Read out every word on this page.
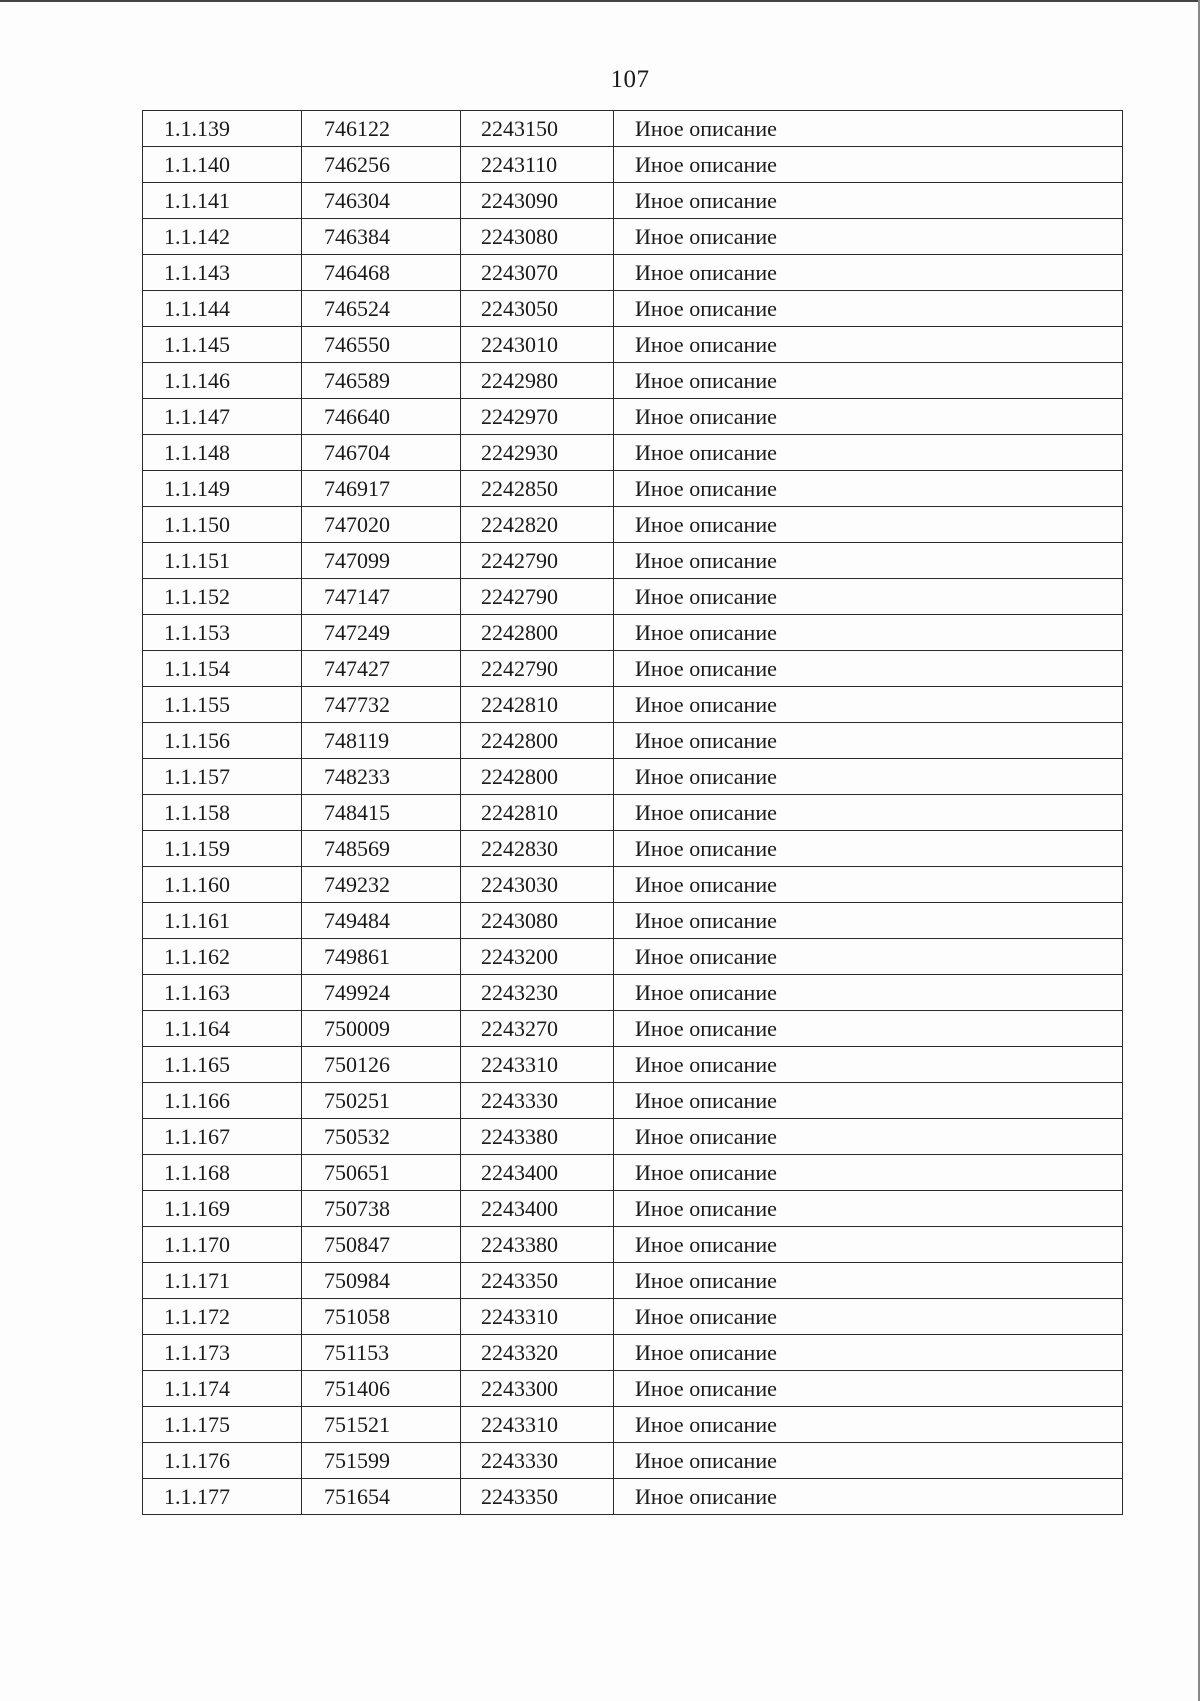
107
1.1.139	746122	2243150	Иное описание
1.1.140	746256	2243110	Иное описание
1.1.141	746304	2243090	Иное описание
1.1.142	746384	2243080	Иное описание
1.1.143	746468	2243070	Иное описание
1.1.144	746524	2243050	Иное описание
1.1.145	746550	2243010	Иное описание
1.1.146	746589	2242980	Иное описание
1.1.147	746640	2242970	Иное описание
1.1.148	746704	2242930	Иное описание
1.1.149	746917	2242850	Иное описание
1.1.150	747020	2242820	Иное описание
1.1.151	747099	2242790	Иное описание
1.1.152	747147	2242790	Иное описание
1.1.153	747249	2242800	Иное описание
1.1.154	747427	2242790	Иное описание
1.1.155	747732	2242810	Иное описание
1.1.156	748119	2242800	Иное описание
1.1.157	748233	2242800	Иное описание
1.1.158	748415	2242810	Иное описание
1.1.159	748569	2242830	Иное описание
1.1.160	749232	2243030	Иное описание
1.1.161	749484	2243080	Иное описание
1.1.162	749861	2243200	Иное описание
1.1.163	749924	2243230	Иное описание
1.1.164	750009	2243270	Иное описание
1.1.165	750126	2243310	Иное описание
1.1.166	750251	2243330	Иное описание
1.1.167	750532	2243380	Иное описание
1.1.168	750651	2243400	Иное описание
1.1.169	750738	2243400	Иное описание
1.1.170	750847	2243380	Иное описание
1.1.171	750984	2243350	Иное описание
1.1.172	751058	2243310	Иное описание
1.1.173	751153	2243320	Иное описание
1.1.174	751406	2243300	Иное описание
1.1.175	751521	2243310	Иное описание
1.1.176	751599	2243330	Иное описание
1.1.177	751654	2243350	Иное описание
